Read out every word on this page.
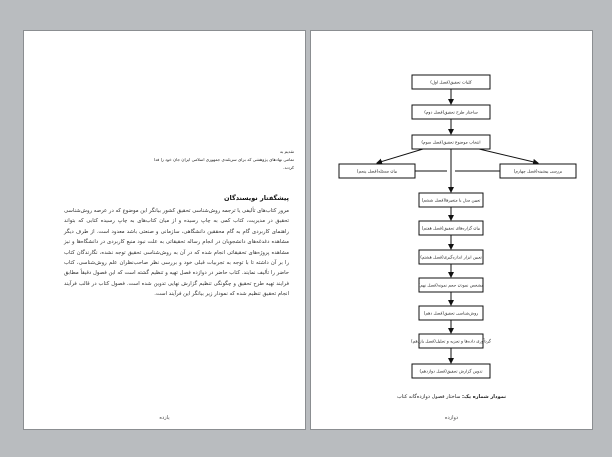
تقدیم به
تمامی نهادهای پژوهشی که برای سربلندی جمهوری اسلامی ایران جان خود را فدا
کردند.
پیشگفتار نویسندگان
مرور کتاب‌های تألیفی یا ترجمه روش‌شناسی تحقیق کشور بیانگر این موضوع که در عرصه روش‌شناسی تحقیق در مدیریت، کتاب کمی به چاپ رسیده و از میان کتاب‌های به چاپ رسیده کتابی که بتواند راهنمای کاربردی گام به گام محققین دانشگاهی، سازمانی و صنعتی باشد معدود است. از طرف دیگر مشاهده دغدغه‌های دانشجویان در انجام رساله تحقیقاتی به علت نبود منبع کاربردی در دانشگاه‌ها و نیز مشاهده پروژه‌های تحقیقاتی انجام شده که در آن به روش‌شناسی تحقیق توجه نشده، نگارندگان کتاب را بر آن داشته تا با توجه به تجربیات قبلی خود و بررسی نظر صاحب‌نظران علم روش‌شناسی، کتاب حاضر را تألیف نمایند. کتاب حاضر در دوازده فصل تهیه و تنظیم گشته است که این فصول دقیقاً مطابق فرایند تهیه طرح تحقیق و چگونگی تنظیم گزارش نهایی تدوین شده است. فصول کتاب در قالب فرآیند انجام تحقیق تنظیم شده که نمودار زیر بیانگر این فرآیند است.
یازده
کلیات تحقیق(فصل اول)
ساختار طرح تحقیق(فصل دوم)
انتخاب موضوع تحقیق(فصل سوم)
بیان مسئله(فصل پنجم)	بررسی پیشینه(فصل چهارم)
تعیین مدل یا متغیرها(فصل ششم)
بیان گزاره‌های تحقیق(فصل هفتم)
تعیین ابزار اندازه‌گیری(فصل هشتم)
مشخص نمودن حجم نمونه(فصل نهم)
روش‌شناسی تحقیق(فصل دهم)
گردآوری داده‌ها و تجزیه و تحلیل(فصل یازدهم)
تدوین گزارش تحقیق(فصل دوازدهم)
نمودار شماره یک: ساختار فصول دوازده‌گانه کتاب
دوازده
